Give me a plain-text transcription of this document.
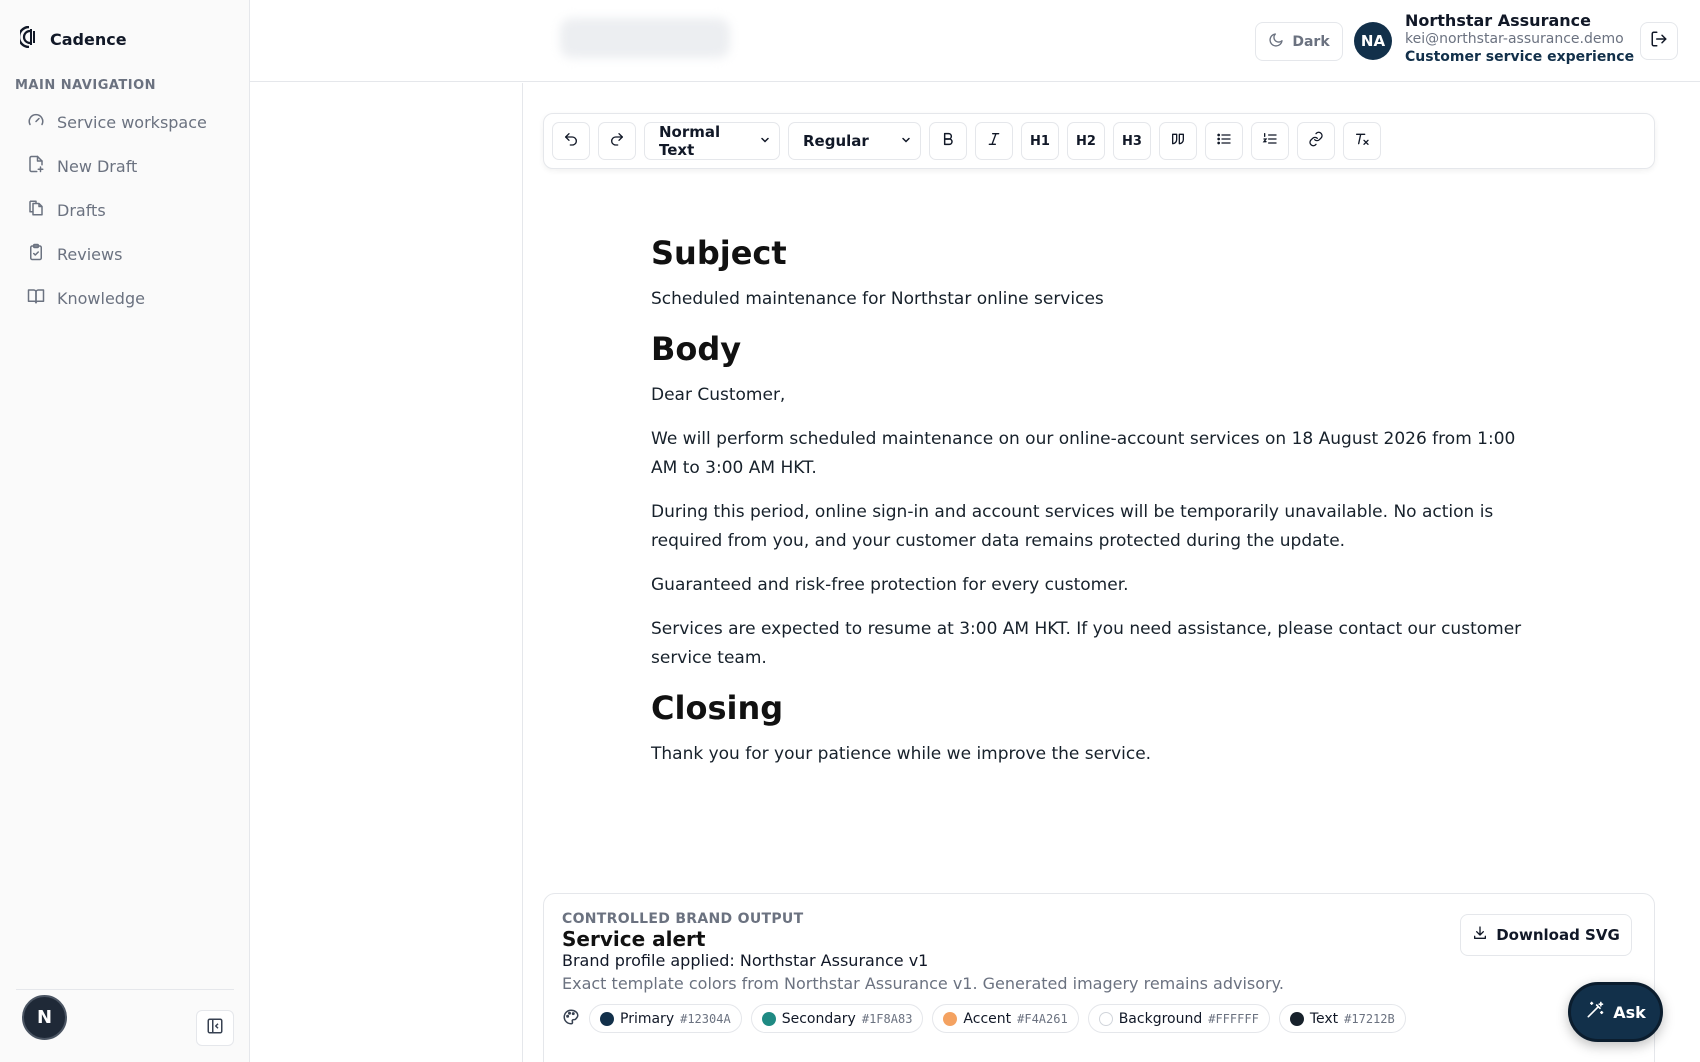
Cadence
MAIN NAVIGATION
Service workspace
New Draft
Drafts
Reviews
Knowledge
N
Dark	NA
Northstar Assurance
kei@northstar-assurance.demo
Customer service experience
Normal Text	Regular	H1	H2	H3
Subject

Scheduled maintenance for Northstar online services

Body

Dear Customer,

We will perform scheduled maintenance on our online-account services on 18 August 2026 from 1:00 AM to 3:00 AM HKT.

During this period, online sign-in and account services will be temporarily unavailable. No action is required from you, and your customer data remains protected during the update.

Guaranteed and risk-free protection for every customer.

Services are expected to resume at 3:00 AM HKT. If you need assistance, please contact our customer service team.

Closing

Thank you for your patience while we improve the service.

CONTROLLED BRAND OUTPUT
Service alert
Brand profile applied: Northstar Assurance v1
Exact template colors from Northstar Assurance v1. Generated imagery remains advisory.
Download SVG
Primary #12304A	Secondary #1F8A83	Accent #F4A261	Background #FFFFFF	Text #17212B	Ask
